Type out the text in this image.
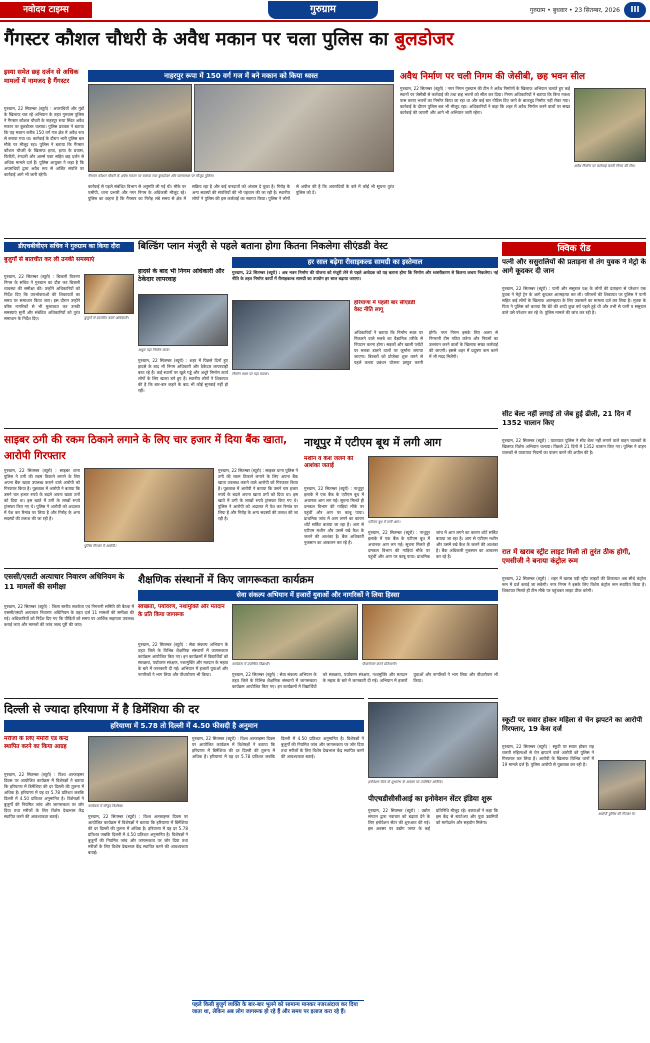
नवोदय टाइम्स	गुरुग्राम	गुरुग्राम • बुधवार • 23 सितम्बर, 2026	III
गैंगस्टर कौशल चौधरी के अवैध मकान पर चला पुलिस का बुलडोजर
इस्या समेत छह दर्जन से अधिक मामलों में नामजद है गैंगस्टर
गुरुग्राम, 22 सितम्बर (ब्यूरो) : अपराधियों और गुंडों के खिलाफ चल रहे अभियान के तहत गुरुग्राम पुलिस ने गैंगस्टर कौशल चौधरी के नाहरपुर रूपा स्थित अवैध मकान पर बुलडोजर चलाया। पुलिस प्रवक्ता ने बताया कि यह मकान करीब 150 वर्ग गज क्षेत्र में अवैध रूप से बनाया गया था। कार्रवाई के दौरान भारी पुलिस बल मौके पर मौजूद रहा। पुलिस ने बताया कि गैंगस्टर कौशल चौधरी के खिलाफ हत्या, हत्या के प्रयास, फिरौती, रंगदारी और आर्म्स एक्ट सहित छह दर्जन से अधिक मामले दर्ज हैं। पुलिस आयुक्त ने कहा है कि अपराधियों द्वारा अवैध रूप से अर्जित संपत्ति पर कार्रवाई आगे भी जारी रहेगी।
नाहरपुर रूपा में 150 वर्ग गज में बने मकान को किया ध्वस्त
गैंगस्टर कौशल चौधरी के अवैध मकान पर चलाया गया बुलडोजर और घटनास्थल पर मौजूद पुलिस।
कार्रवाई से पहले संबंधित विभाग से अनुमति ली गई थी। मौके पर एसीपी, थाना प्रभारी और नगर निगम के अधिकारी मौजूद रहे। पुलिस का कहना है कि गैंगस्टर का गिरोह लंबे समय से क्षेत्र में सक्रिय रहा है और कई वारदातों को अंजाम दे चुका है। गिरोह के अन्य सदस्यों की संपत्तियों की भी पहचान की जा रही है। स्थानीय लोगों ने पुलिस की इस कार्रवाई का स्वागत किया। पुलिस ने लोगों से अपील की है कि अपराधियों के बारे में कोई भी सूचना तुरंत पुलिस को दें।
अवैध निर्माण पर चली निगम की जेसीबी, छह भवन सील
गुरुग्राम, 22 सितम्बर (ब्यूरो) : नगर निगम गुरुग्राम की टीम ने अवैध निर्माणों के खिलाफ अभियान चलाते हुए कई स्थानों पर जेसीबी से कार्रवाई की तथा छह भवनों को सील कर दिया। निगम अधिकारियों ने बताया कि बिना नक्शा पास कराए भवनों का निर्माण किया जा रहा था और कई बार नोटिस दिए जाने के बावजूद निर्माण नहीं रोका गया। कार्रवाई के दौरान पुलिस बल भी मौजूद रहा। अधिकारियों ने कहा कि शहर में अवैध निर्माण करने वालों पर सख्त कार्रवाई की जाएगी और आगे भी अभियान जारी रहेगा।
अवैध निर्माण पर कार्रवाई करती निगम की टीम।
डीएचबीवीएन सचिव ने गुरुग्राम का किया दौरा
बुजुर्गों से बातचीत कर ली उनकी समस्याएं
गुरुग्राम, 22 सितम्बर (ब्यूरो) : बिजली वितरण निगम के सचिव ने गुरुग्राम का दौरा कर बिजली व्यवस्था की समीक्षा की। उन्होंने अधिकारियों को निर्देश दिए कि उपभोक्ताओं की शिकायतों का समय पर समाधान किया जाए। इस दौरान उन्होंने वरिष्ठ नागरिकों से भी मुलाकात कर उनकी समस्याएं सुनीं और संबंधित अधिकारियों को तुरंत समाधान के निर्देश दिए।	बुजुर्गों से बातचीत करते अधिकारी।
हादसे के बाद भी निगम अधिकारी और ठेकेदार लापरवाह
अधूरा पड़ा निर्माण कार्य।
गुरुग्राम, 22 सितम्बर (ब्यूरो) : शहर में पिछले दिनों हुए हादसे के बाद भी निगम अधिकारी और ठेकेदार लापरवाही बरत रहे हैं। कई स्थानों पर खुले गड्ढे और अधूरे निर्माण कार्य लोगों के लिए खतरा बने हुए हैं। स्थानीय लोगों ने शिकायत की है कि बार-बार कहने के बाद भी कोई सुनवाई नहीं हो रही।
बिल्डिंग प्लान मंजूरी से पहले बताना होगा कितना निकलेगा सीएंडडी वेस्ट
हर साल बढ़ेगा रीसाइकल्ड सामग्री का इस्तेमाल
गुरुग्राम, 22 सितम्बर (ब्यूरो) : अब भवन निर्माण की योजना को मंजूरी लेने से पहले आवेदक को यह बताना होगा कि निर्माण और ध्वस्तीकरण से कितना कचरा निकलेगा। नई नीति के तहत निर्माण कार्यों में रीसाइकल्ड सामग्री का उपयोग हर साल बढ़ाया जाएगा।
निर्माण स्थल पर पड़ा मलबा।
हरियाणा में पहली बार सीएंडडी वेस्ट नीति लागू
अधिकारियों ने बताया कि निर्माण स्थल पर निकलने वाले मलबे का वैज्ञानिक तरीके से निपटान करना होगा। सड़कों और खाली प्लॉटों पर मलबा डालने वालों पर जुर्माना लगाया जाएगा। बिल्डरों को प्रोजेक्ट शुरू करने से पहले कचरा प्रबंधन योजना प्रस्तुत करनी होगी। नगर निगम इसके लिए अलग से निगरानी टीम गठित करेगा और नियमों का उल्लंघन करने वालों के खिलाफ सख्त कार्रवाई की जाएगी। इससे शहर में प्रदूषण कम करने में भी मदद मिलेगी।
क्विक रीड
पत्नी और ससुरालियों की प्रताड़ना से तंग युवक ने मेट्रो के आगे कूदकर दी जान
गुरुग्राम, 22 सितम्बर (ब्यूरो) : पत्नी और ससुराल पक्ष के लोगों की प्रताड़ना से परेशान एक युवक ने मेट्रो ट्रेन के आगे कूदकर आत्महत्या कर ली। परिजनों की शिकायत पर पुलिस ने पत्नी सहित कई लोगों के खिलाफ आत्महत्या के लिए उकसाने का मामला दर्ज कर लिया है। मृतक के पिता ने पुलिस को बताया कि बेटे की शादी कुछ वर्ष पहले हुई थी और तभी से पत्नी व ससुराल वाले उसे परेशान कर रहे थे। पुलिस मामले की जांच कर रही है।
सीट बेल्ट नहीं लगाई तो जेब हुई ढीली, 21 दिन में 1352 चालान किए
गुरुग्राम, 22 सितम्बर (ब्यूरो) : यातायात पुलिस ने सीट बेल्ट नहीं लगाने वाले वाहन चालकों के खिलाफ विशेष अभियान चलाया। पिछले 21 दिनों में 1352 चालान किए गए। पुलिस ने वाहन चालकों से यातायात नियमों का पालन करने की अपील की है।
रात में खराब स्ट्रीट लाइट मिली तो तुरंत ठीक होगी, एमसीजी ने बनाया कंट्रोल रूम
गुरुग्राम, 22 सितम्बर (ब्यूरो) : शहर में खराब पड़ी स्ट्रीट लाइटों की शिकायत अब सीधे कंट्रोल रूम में दर्ज कराई जा सकेगी। नगर निगम ने इसके लिए विशेष कंट्रोल रूम स्थापित किया है। शिकायत मिलते ही टीम मौके पर पहुंचकर लाइट ठीक करेगी।
स्कूटी पर सवार होकर महिला से चेन झपटने का आरोपी गिरफ्तार, 19 केस दर्ज
गुरुग्राम, 22 सितम्बर (ब्यूरो) : स्कूटी पर सवार होकर राह चलती महिलाओं से चेन झपटने वाले आरोपी को पुलिस ने गिरफ्तार कर लिया है। आरोपी के खिलाफ विभिन्न थानों में 19 मामले दर्ज हैं। पुलिस आरोपी से पूछताछ कर रही है।
आरोपी पुलिस की गिरफ्त में।
साइबर ठगी की रकम ठिकाने लगाने के लिए चार हजार में दिया बैंक खाता, आरोपी गिरफ्तार
गुरुग्राम, 22 सितम्बर (ब्यूरो) : साइबर थाना पुलिस ने ठगी की रकम ठिकाने लगाने के लिए अपना बैंक खाता उपलब्ध कराने वाले आरोपी को गिरफ्तार किया है। पूछताछ में आरोपी ने बताया कि उसने चार हजार रुपये के बदले अपना खाता ठगों को दिया था। इस खाते में ठगी के लाखों रुपये ट्रांसफर किए गए थे। पुलिस ने आरोपी को अदालत में पेश कर रिमांड पर लिया है और गिरोह के अन्य सदस्यों की तलाश की जा रही है।
पुलिस गिरफ्त में आरोपी।
गुरुग्राम, 22 सितम्बर (ब्यूरो) : साइबर थाना पुलिस ने ठगी की रकम ठिकाने लगाने के लिए अपना बैंक खाता उपलब्ध कराने वाले आरोपी को गिरफ्तार किया है। पूछताछ में आरोपी ने बताया कि उसने चार हजार रुपये के बदले अपना खाता ठगों को दिया था। इस खाते में ठगी के लाखों रुपये ट्रांसफर किए गए थे। पुलिस ने आरोपी को अदालत में पेश कर रिमांड पर लिया है और गिरोह के अन्य सदस्यों की तलाश की जा रही है।
नाथूपुर में एटीएम बूथ में लगी आग
मशीन व कैश जलने की आशंका जताई
गुरुग्राम, 22 सितम्बर (ब्यूरो) : नाथूपुर इलाके में एक बैंक के एटीएम बूथ में अचानक आग लग गई। सूचना मिलते ही दमकल विभाग की गाड़ियां मौके पर पहुंचीं और आग पर काबू पाया। प्राथमिक जांच में आग लगने का कारण शॉर्ट सर्किट बताया जा रहा है। आग से एटीएम मशीन और उसमें रखे कैश के जलने की आशंका है। बैंक अधिकारी नुकसान का आकलन कर रहे हैं।
एटीएम बूथ में लगी आग।
गुरुग्राम, 22 सितम्बर (ब्यूरो) : नाथूपुर इलाके में एक बैंक के एटीएम बूथ में अचानक आग लग गई। सूचना मिलते ही दमकल विभाग की गाड़ियां मौके पर पहुंचीं और आग पर काबू पाया। प्राथमिक जांच में आग लगने का कारण शॉर्ट सर्किट बताया जा रहा है। आग से एटीएम मशीन और उसमें रखे कैश के जलने की आशंका है। बैंक अधिकारी नुकसान का आकलन कर रहे हैं।
एससी/एसटी अत्याचार निवारण अधिनियम के 11 मामलों की समीक्षा
गुरुग्राम, 22 सितम्बर (ब्यूरो) : जिला स्तरीय सतर्कता एवं निगरानी समिति की बैठक में एससी/एसटी अत्याचार निवारण अधिनियम के तहत दर्ज 11 मामलों की समीक्षा की गई। अधिकारियों को निर्देश दिए गए कि पीड़ितों को समय पर आर्थिक सहायता उपलब्ध कराई जाए और मामलों की जांच जल्द पूरी की जाए।
शैक्षणिक संस्थानों में किए जागरूकता कार्यक्रम
सेवा संकल्प अभियान में हजारों युवाओं और नागरिकों ने लिया हिस्सा
स्वच्छता, पर्यावरण, नशामुक्ति और मतदान के प्रति किया जागरूक
गुरुग्राम, 22 सितम्बर (ब्यूरो) : सेवा संकल्प अभियान के तहत जिले के विभिन्न शैक्षणिक संस्थानों में जागरूकता कार्यक्रम आयोजित किए गए। इन कार्यक्रमों में विद्यार्थियों को स्वच्छता, पर्यावरण संरक्षण, नशामुक्ति और मतदान के महत्व के बारे में जानकारी दी गई। अभियान में हजारों युवाओं और नागरिकों ने भाग लिया और पौधारोपण भी किया।
कार्यक्रम में उपस्थित विद्यार्थी।	पौधारोपण करते प्रतिभागी।
गुरुग्राम, 22 सितम्बर (ब्यूरो) : सेवा संकल्प अभियान के तहत जिले के विभिन्न शैक्षणिक संस्थानों में जागरूकता कार्यक्रम आयोजित किए गए। इन कार्यक्रमों में विद्यार्थियों को स्वच्छता, पर्यावरण संरक्षण, नशामुक्ति और मतदान के महत्व के बारे में जानकारी दी गई। अभियान में हजारों युवाओं और नागरिकों ने भाग लिया और पौधारोपण भी किया।
दिल्ली से ज्यादा हरियाणा में है डिमेंशिया की दर
हरियाणा में 5.78 तो दिल्ली में 4.50 फीसदी है अनुमान
मरीजों के लिए मेंमोरी एड केन्द्र स्थापित करने का किया आग्रह
गुरुग्राम, 22 सितम्बर (ब्यूरो) : विश्व अल्जाइमर दिवस पर आयोजित कार्यक्रम में विशेषज्ञों ने बताया कि हरियाणा में डिमेंशिया की दर दिल्ली की तुलना में अधिक है। हरियाणा में यह दर 5.78 प्रतिशत जबकि दिल्ली में 4.50 प्रतिशत अनुमानित है। विशेषज्ञों ने बुजुर्गों की नियमित जांच और जागरूकता पर जोर दिया तथा मरीजों के लिए विशेष देखभाल केंद्र स्थापित करने की आवश्यकता बताई।
कार्यक्रम में मौजूद विशेषज्ञ।
गुरुग्राम, 22 सितम्बर (ब्यूरो) : विश्व अल्जाइमर दिवस पर आयोजित कार्यक्रम में विशेषज्ञों ने बताया कि हरियाणा में डिमेंशिया की दर दिल्ली की तुलना में अधिक है। हरियाणा में यह दर 5.78 प्रतिशत जबकि दिल्ली में 4.50 प्रतिशत अनुमानित है। विशेषज्ञों ने बुजुर्गों की नियमित जांच और जागरूकता पर जोर दिया तथा मरीजों के लिए विशेष देखभाल केंद्र स्थापित करने की आवश्यकता बताई।
गुरुग्राम, 22 सितम्बर (ब्यूरो) : विश्व अल्जाइमर दिवस पर आयोजित कार्यक्रम में विशेषज्ञों ने बताया कि हरियाणा में डिमेंशिया की दर दिल्ली की तुलना में अधिक है। हरियाणा में यह दर 5.78 प्रतिशत जबकि दिल्ली में 4.50 प्रतिशत अनुमानित है। विशेषज्ञों ने बुजुर्गों की नियमित जांच और जागरूकता पर जोर दिया तथा मरीजों के लिए विशेष देखभाल केंद्र स्थापित करने की आवश्यकता बताई।
पहले किसी बुजुर्ग व्यक्ति के बार-बार भूलने को सामान्य मानकर नजरअंदाज कर दिया जाता था, लेकिन अब लोग जागरूक हो रहे हैं और समय पर इलाज करा रहे हैं।
इनोवेशन सेंटर के शुभारंभ के अवसर पर उपस्थित अतिथि।
पीएचडीसीसीआई का इनोवेशन सेंटर इंडिया शुरू
गुरुग्राम, 22 सितम्बर (ब्यूरो) : उद्योग संगठन द्वारा नवाचार को बढ़ावा देने के लिए इनोवेशन सेंटर की शुरुआत की गई। इस अवसर पर उद्योग जगत के कई प्रतिनिधि मौजूद रहे। वक्ताओं ने कहा कि इस केंद्र से स्टार्टअप और युवा उद्यमियों को मार्गदर्शन और सहयोग मिलेगा।
